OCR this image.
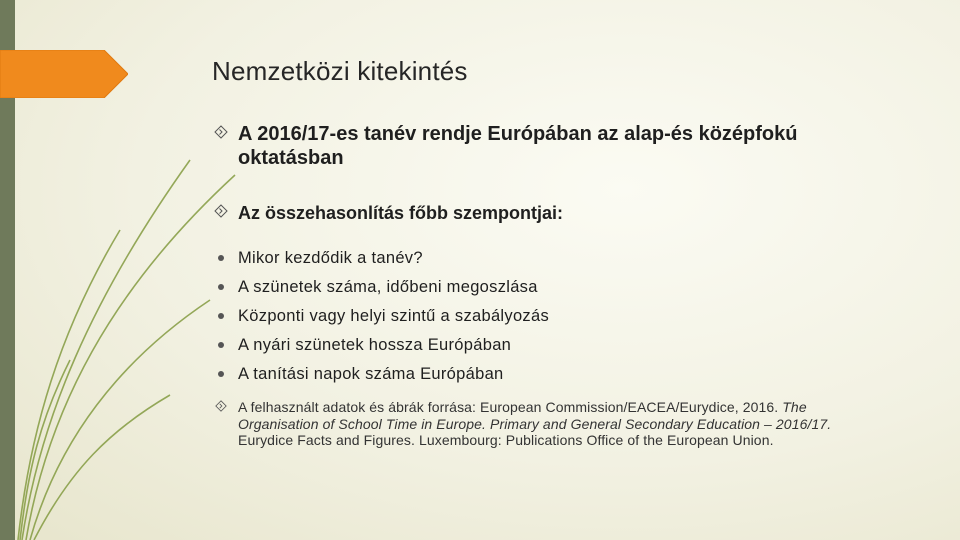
Nemzetközi kitekintés
A 2016/17-es tanév rendje Európában az alap-és középfokú oktatásban
Az összehasonlítás főbb szempontjai:
Mikor kezdődik a tanév?
A szünetek száma, időbeni megoszlása
Központi vagy helyi szintű a szabályozás
A nyári szünetek hossza Európában
A tanítási napok száma Európában
A felhasznált adatok és ábrák forrása: European Commission/EACEA/Eurydice, 2016. The Organisation of School Time in Europe. Primary and General Secondary Education – 2016/17. Eurydice Facts and Figures. Luxembourg: Publications Office of the European Union.
